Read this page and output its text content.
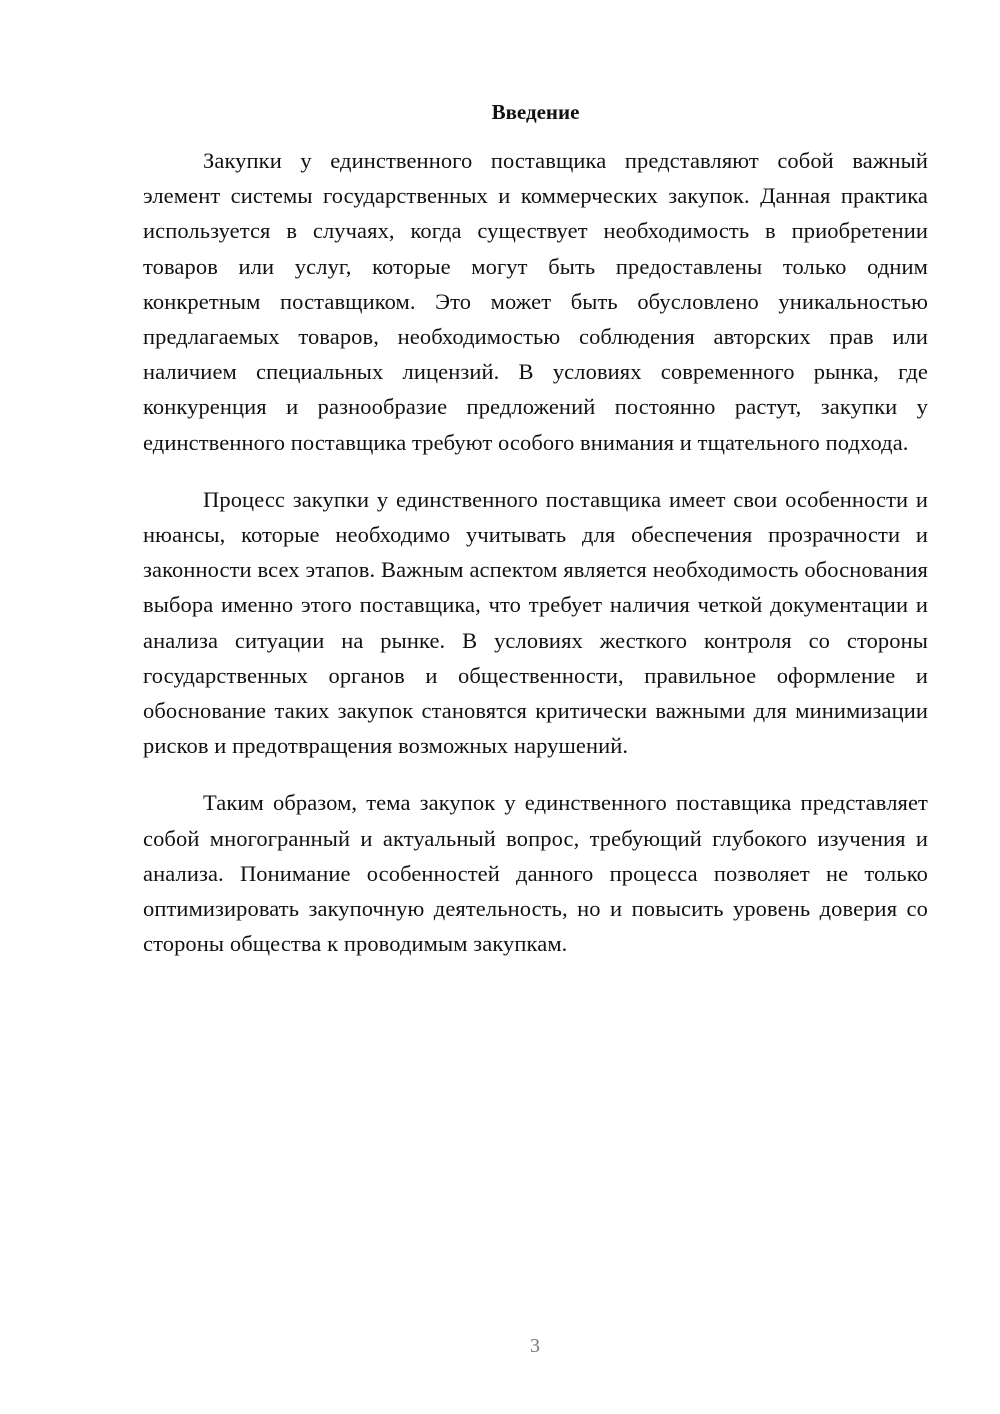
Введение

Закупки у единственного поставщика представляют собой важный элемент системы государственных и коммерческих закупок. Данная практика используется в случаях, когда существует необходимость в приобретении товаров или услуг, которые могут быть предоставлены только одним конкретным поставщиком. Это может быть обусловлено уникальностью предлагаемых товаров, необходимостью соблюдения авторских прав или наличием специальных лицензий. В условиях современного рынка, где конкуренция и разнообразие предложений постоянно растут, закупки у единственного поставщика требуют особого внимания и тщательного подхода.

Процесс закупки у единственного поставщика имеет свои особенности и нюансы, которые необходимо учитывать для обеспечения прозрачности и законности всех этапов. Важным аспектом является необходимость обоснования выбора именно этого поставщика, что требует наличия четкой документации и анализа ситуации на рынке. В условиях жесткого контроля со стороны государственных органов и общественности, правильное оформление и обоснование таких закупок становятся критически важными для минимизации рисков и предотвращения возможных нарушений.

Таким образом, тема закупок у единственного поставщика представляет собой многогранный и актуальный вопрос, требующий глубокого изучения и анализа. Понимание особенностей данного процесса позволяет не только оптимизировать закупочную деятельность, но и повысить уровень доверия со стороны общества к проводимым закупкам.

3
